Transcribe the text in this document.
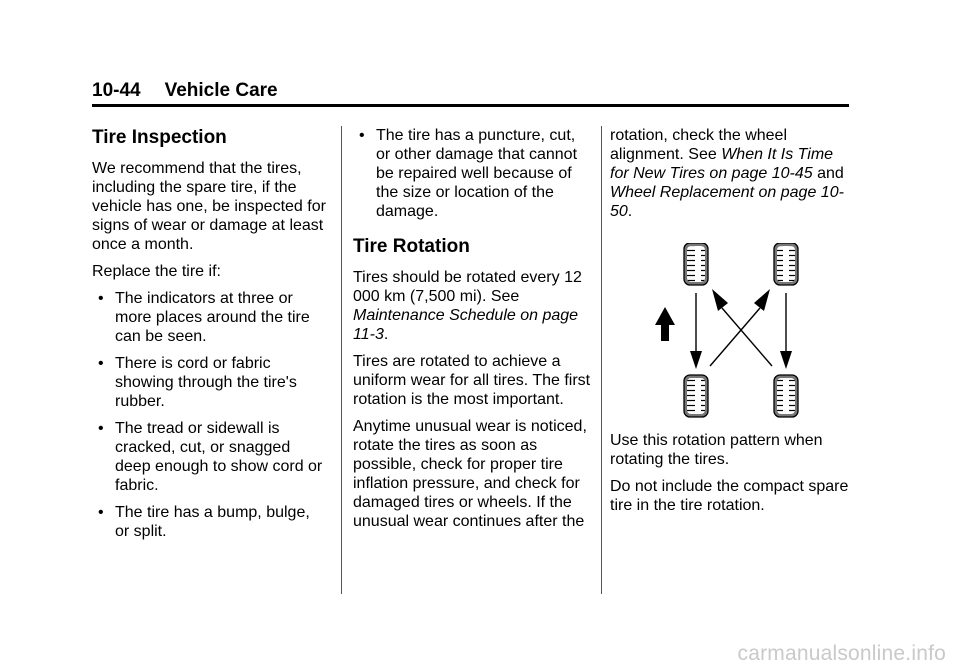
10-44 Vehicle Care
Tire Inspection

We recommend that the tires, including the spare tire, if the vehicle has one, be inspected for signs of wear or damage at least once a month.

Replace the tire if:

• The indicators at three or more places around the tire can be seen.
• There is cord or fabric showing through the tire's rubber.
• The tread or sidewall is cracked, cut, or snagged deep enough to show cord or fabric.
• The tire has a bump, bulge, or split.
• The tire has a puncture, cut, or other damage that cannot be repaired well because of the size or location of the damage.
Tire Rotation

Tires should be rotated every 12 000 km (7,500 mi). See Maintenance Schedule on page 11-3.

Tires are rotated to achieve a uniform wear for all tires. The first rotation is the most important.

Anytime unusual wear is noticed, rotate the tires as soon as possible, check for proper tire inflation pressure, and check for damaged tires or wheels. If the unusual wear continues after the

rotation, check the wheel alignment. See When It Is Time for New Tires on page 10-45 and Wheel Replacement on page 10-50.

Use this rotation pattern when rotating the tires.

Do not include the compact spare tire in the tire rotation.

carmanualsonline.info
